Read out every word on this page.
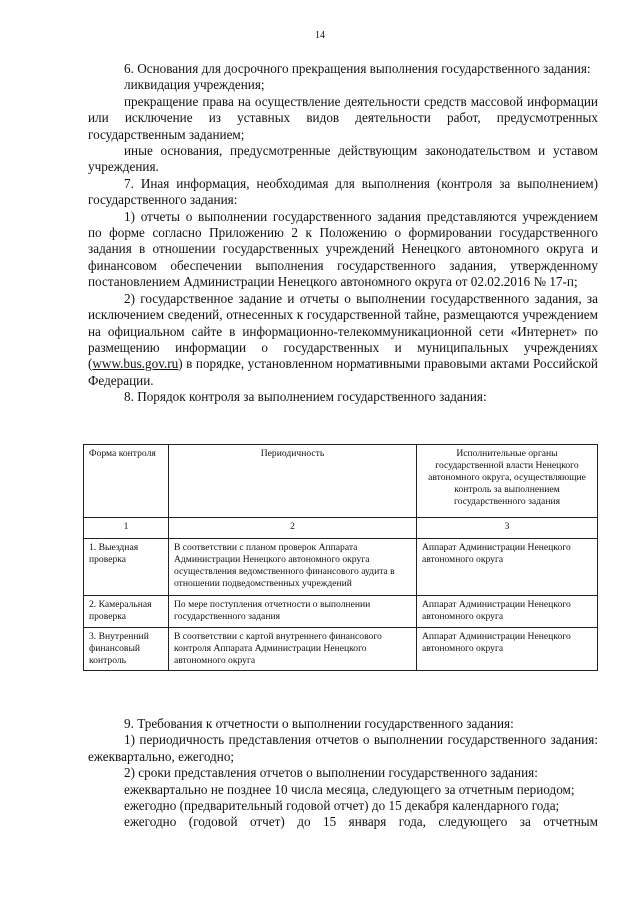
14

6. Основания для досрочного прекращения выполнения государственного задания:

ликвидация учреждения;

прекращение права на осуществление деятельности средств массовой информации или исключение из уставных видов деятельности работ, предусмотренных государственным заданием;

иные основания, предусмотренные действующим законодательством и уставом учреждения.

7. Иная информация, необходимая для выполнения (контроля за выполнением) государственного задания:

1) отчеты о выполнении государственного задания представляются учреждением по форме согласно Приложению 2 к Положению о формировании государственного задания в отношении государственных учреждений Ненецкого автономного округа и финансовом обеспечении выполнения государственного задания, утвержденному постановлением Администрации Ненецкого автономного округа от 02.02.2016 № 17-п;

2) государственное задание и отчеты о выполнении государственного задания, за исключением сведений, отнесенных к государственной тайне, размещаются учреждением на официальном сайте в информационно-телекоммуникационной сети «Интернет» по размещению информации о государственных и муниципальных учреждениях (www.bus.gov.ru) в порядке, установленном нормативными правовыми актами Российской Федерации.

8. Порядок контроля за выполнением государственного задания:

Форма контроля	Периодичность	Исполнительные органы государственной власти Ненецкого автономного округа, осуществляющие контроль за выполнением государственного задания
1	2	3
1. Выездная проверка	В соответствии с планом проверок Аппарата Администрации Ненецкого автономного округа осуществления ведомственного финансового аудита в отношении подведомственных учреждений	Аппарат Администрации Ненецкого автономного округа
2. Камеральная проверка	По мере поступления отчетности о выполнении государственного задания	Аппарат Администрации Ненецкого автономного округа
3. Внутренний финансовый контроль	В соответствии с картой внутреннего финансового контроля Аппарата Администрации Ненецкого автономного округа	Аппарат Администрации Ненецкого автономного округа

9. Требования к отчетности о выполнении государственного задания:

1) периодичность представления отчетов о выполнении государственного задания: ежеквартально, ежегодно;

2) сроки представления отчетов о выполнении государственного задания:

ежеквартально не позднее 10 числа месяца, следующего за отчетным периодом;

ежегодно (предварительный годовой отчет) до 15 декабря календарного года;

ежегодно (годовой отчет) до 15 января года, следующего за отчетным
